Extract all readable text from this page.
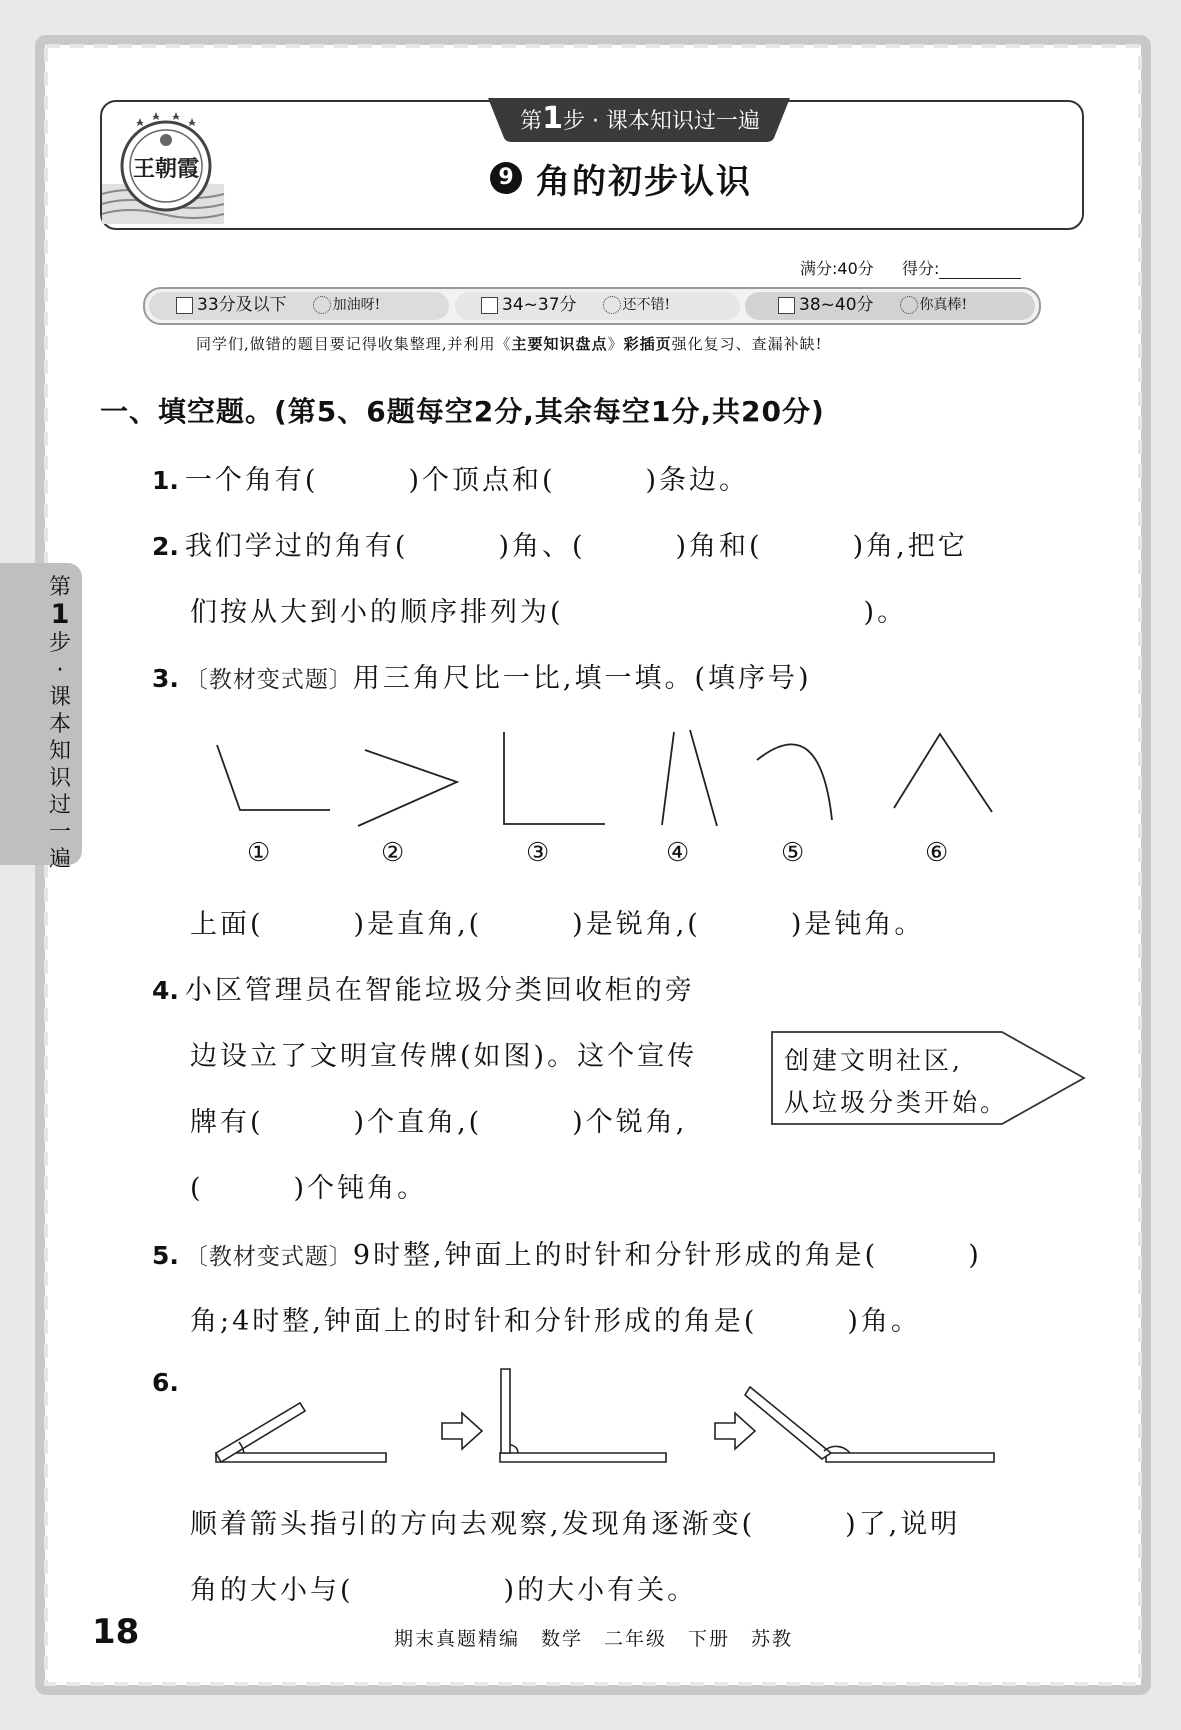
第
1
步
·
课
本
知
识
过
一
遍

王朝霞
第1步 · 课本知识过一遍
9 角的初步认识
满分:40分 得分:
33分及以下	加油呀!	34~37分	还不错!	38~40分	你真棒!
同学们,做错的题目要记得收集整理,并利用《主要知识盘点》彩插页强化复习、查漏补缺!
一、填空题。(第5、6题每空2分,其余每空1分,共20分)
1. 一个角有(　　　)个顶点和(　　　)条边。
2. 我们学过的角有(　　　)角、(　　　)角和(　　　)角,把它
们按从大到小的顺序排列为(　　　　　　　　　　)。
3. 〔教材变式题〕用三角尺比一比,填一填。(填序号)
①	②	③	④	⑤	⑥
上面(　　　)是直角,(　　　)是锐角,(　　　)是钝角。
4. 小区管理员在智能垃圾分类回收柜的旁
边设立了文明宣传牌(如图)。这个宣传
牌有(　　　)个直角,(　　　)个锐角,
(　　　)个钝角。
创建文明社区,
从垃圾分类开始。
5. 〔教材变式题〕9时整,钟面上的时针和分针形成的角是(　　　)
角;4时整,钟面上的时针和分针形成的角是(　　　)角。
6.
顺着箭头指引的方向去观察,发现角逐渐变(　　　)了,说明
角的大小与(　　　　　)的大小有关。
18	期末真题精编　数学　二年级　下册　苏教
